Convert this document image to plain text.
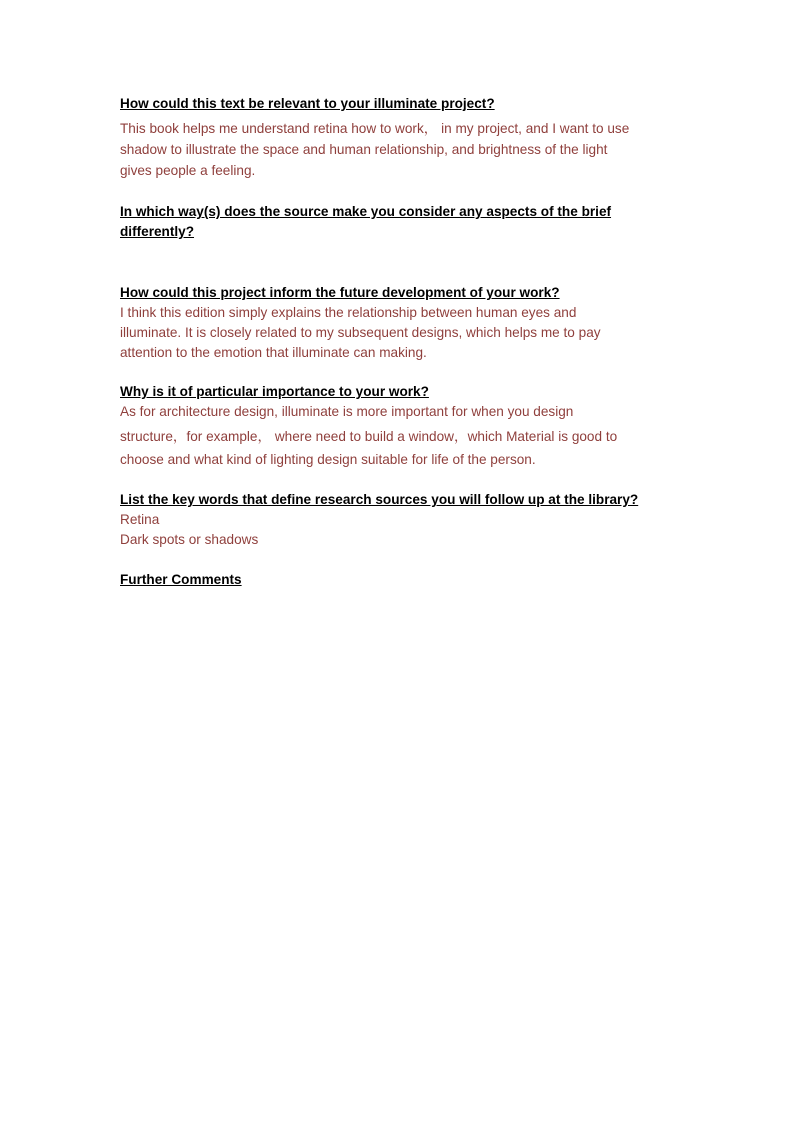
How could this text be relevant to your illuminate project?

This book helps me understand retina how to work， in my project, and I want to use
shadow to illustrate the space and human relationship, and brightness of the light
gives people a feeling.

In which way(s) does the source make you consider any aspects of the brief
differently?

How could this project inform the future development of your work?

I think this edition simply explains the relationship between human eyes and
illuminate. It is closely related to my subsequent designs, which helps me to pay
attention to the emotion that illuminate can making.

Why is it of particular importance to your work?

As for architecture design, illuminate is more important for when you design
structure，for example， where need to build a window，which Material is good to
choose and what kind of lighting design suitable for life of the person.

List the key words that define research sources you will follow up at the library?

Retina
Dark spots or shadows

Further Comments
